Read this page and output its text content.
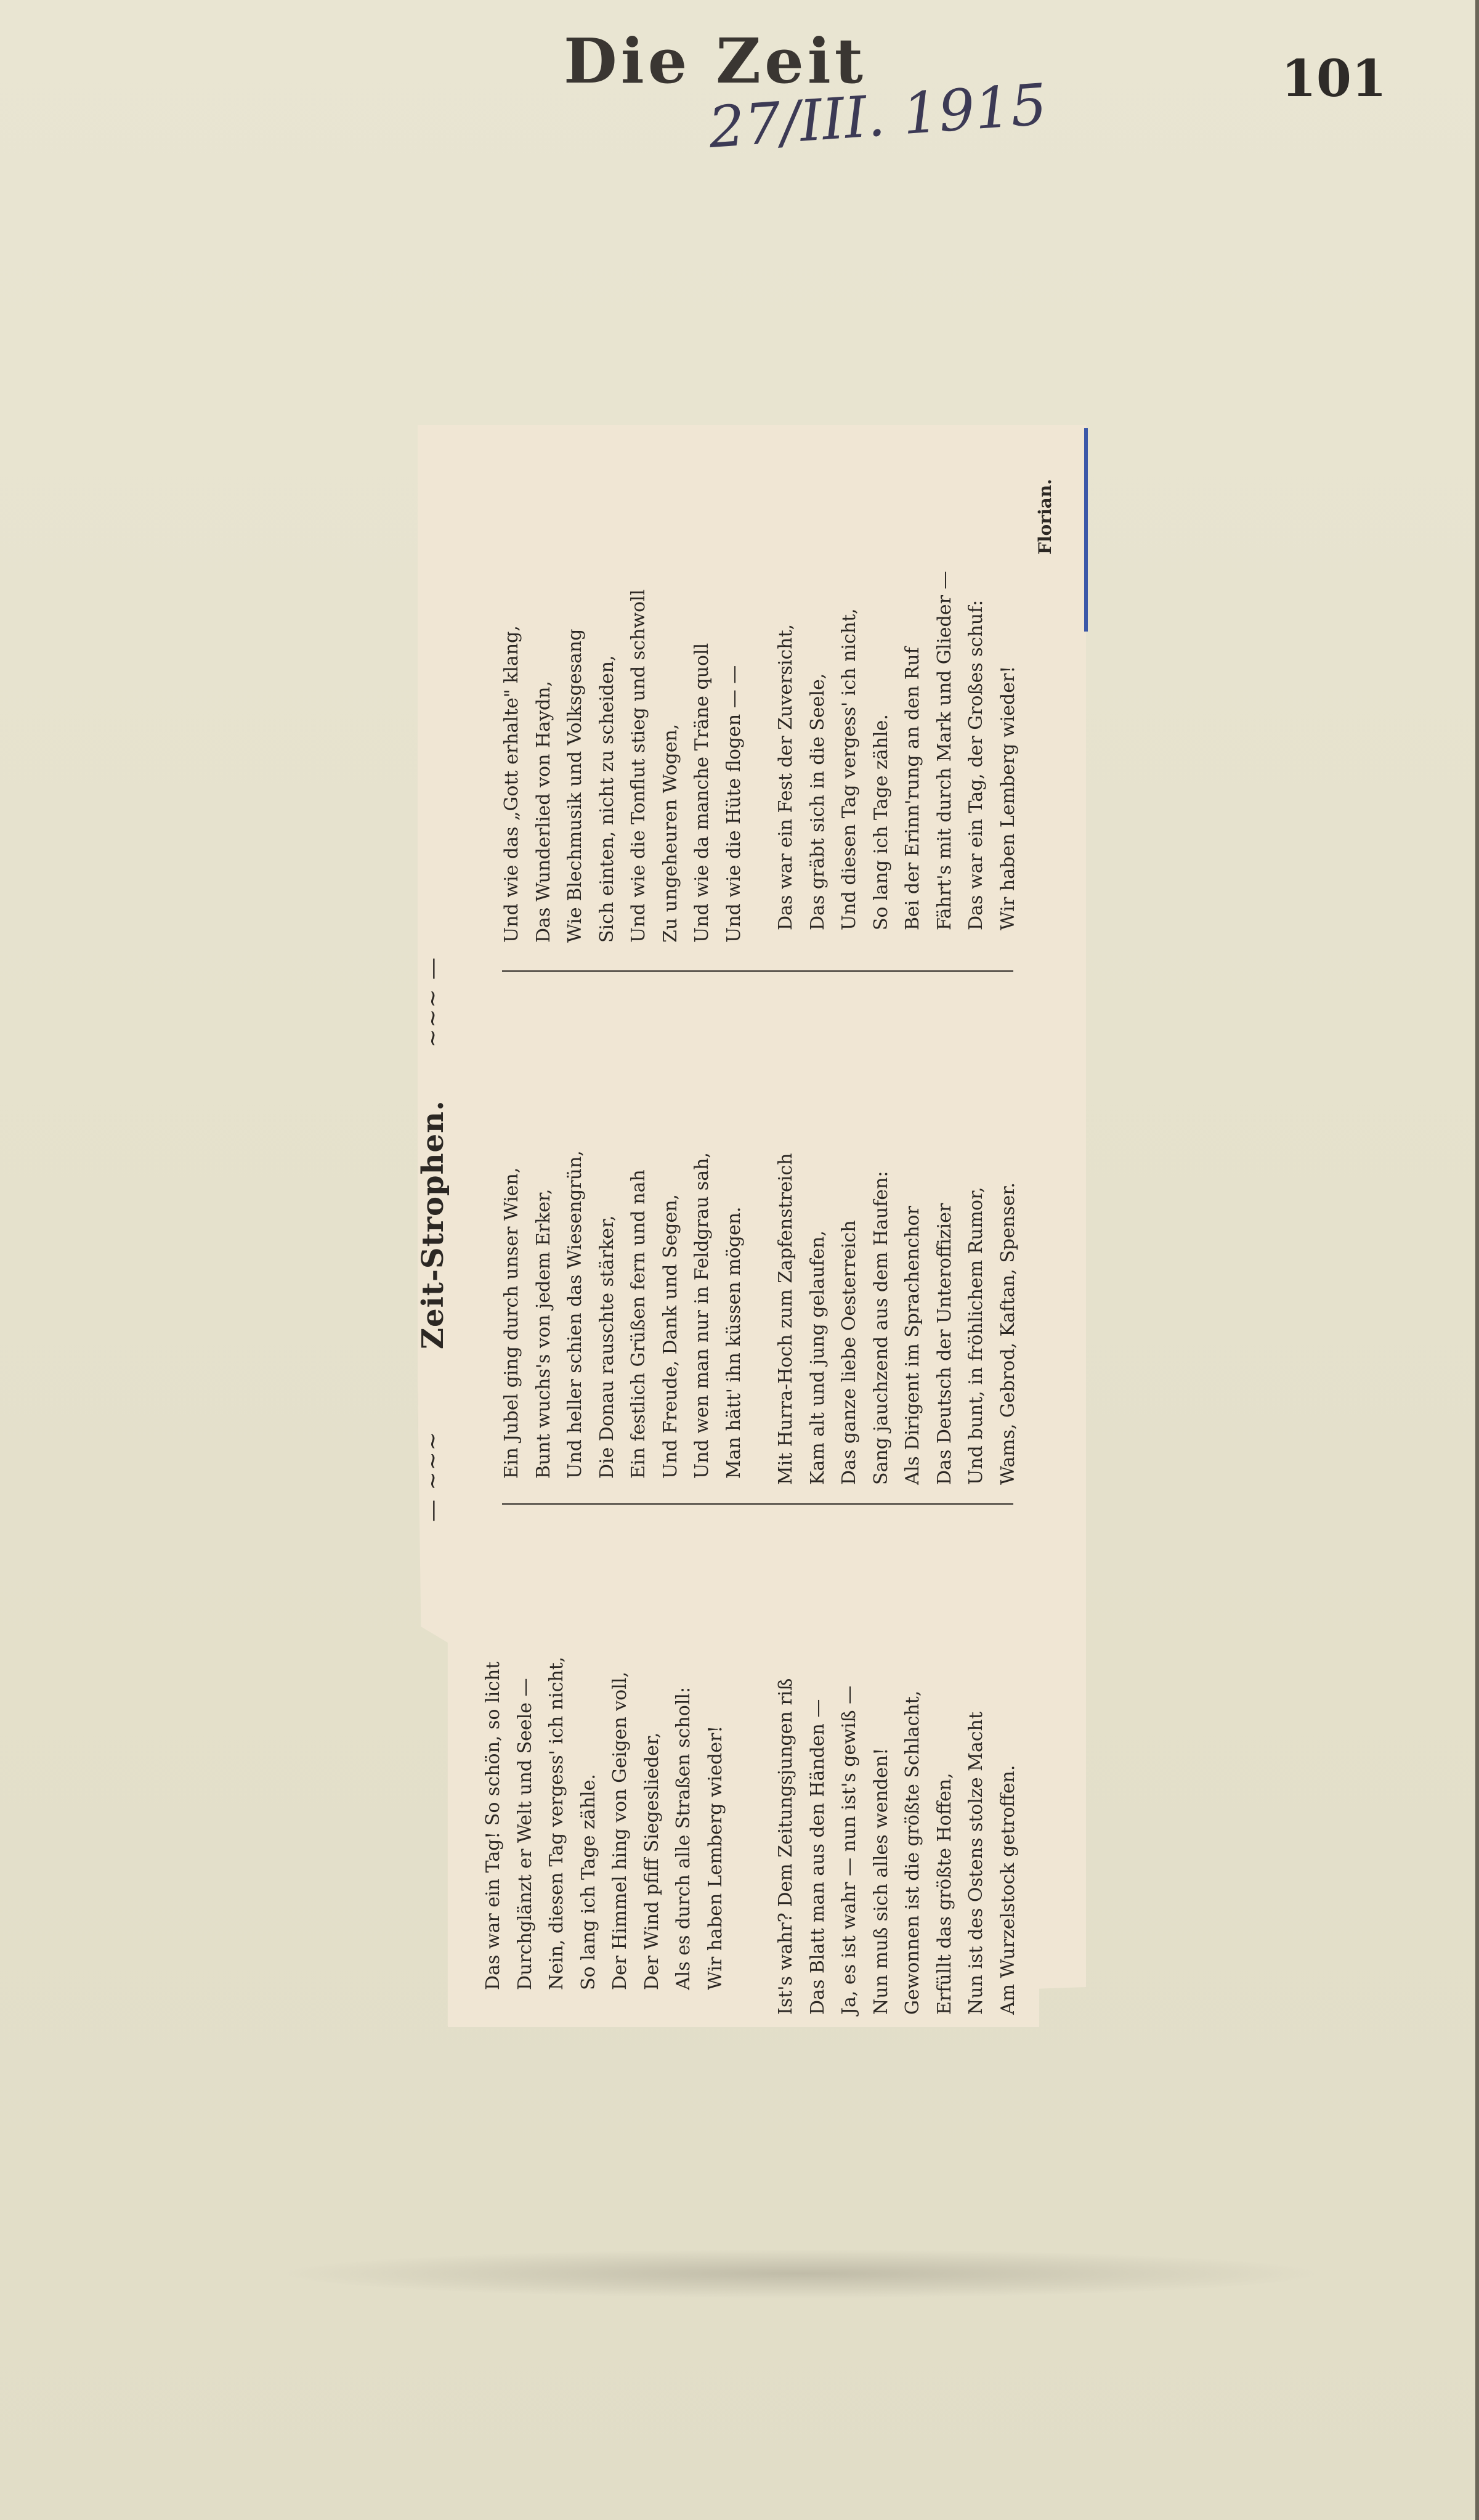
Die Zeit	101
27/III. 1915
— ∼∼∼
Zeit-Strophen.
∼∼∼ —
Das war ein Tag! So schön, so licht Durchglänzt er Welt und Seele — Nein, diesen Tag vergess' ich nicht, So lang ich Tage zähle. Der Himmel hing von Geigen voll, Der Wind pfiff Siegeslieder, Als es durch alle Straßen scholl: Wir haben Lemberg wieder!	Ist's wahr? Dem Zeitungsjungen riß Das Blatt man aus den Händen — Ja, es ist wahr — nun ist's gewiß — Nun muß sich alles wenden! Gewonnen ist die größte Schlacht, Erfüllt das größte Hoffen, Nun ist des Ostens stolze Macht Am Wurzelstock getroffen.
Ein Jubel ging durch unser Wien, Bunt wuchs's von jedem Erker, Und heller schien das Wiesengrün, Die Donau rauschte stärker, Ein festlich Grüßen fern und nah Und Freude, Dank und Segen, Und wen man nur in Feldgrau sah, Man hätt' ihn küssen mögen. Mit Hurra-Hoch zum Zapfenstreich Kam alt und jung gelaufen, Das ganze liebe Oesterreich Sang jauchzend aus dem Haufen: Als Dirigent im Sprachenchor Das Deutsch der Unteroffizier Und bunt, in fröhlichem Rumor, Wams, Gebrod, Kaftan, Spenser.
Und wie das „Gott erhalte" klang, Das Wunderlied von Haydn, Wie Blechmusik und Volksgesang Sich einten, nicht zu scheiden, Und wie die Tonflut stieg und schwoll Zu ungeheuren Wogen, Und wie da manche Träne quoll Und wie die Hüte flogen — — Das war ein Fest der Zuversicht, Das gräbt sich in die Seele, Und diesen Tag vergess' ich nicht, So lang ich Tage zähle. Bei der Erinn'rung an den Ruf Fährt's mit durch Mark und Glieder — Das war ein Tag, der Großes schuf: Wir haben Lemberg wieder!
Florian.
